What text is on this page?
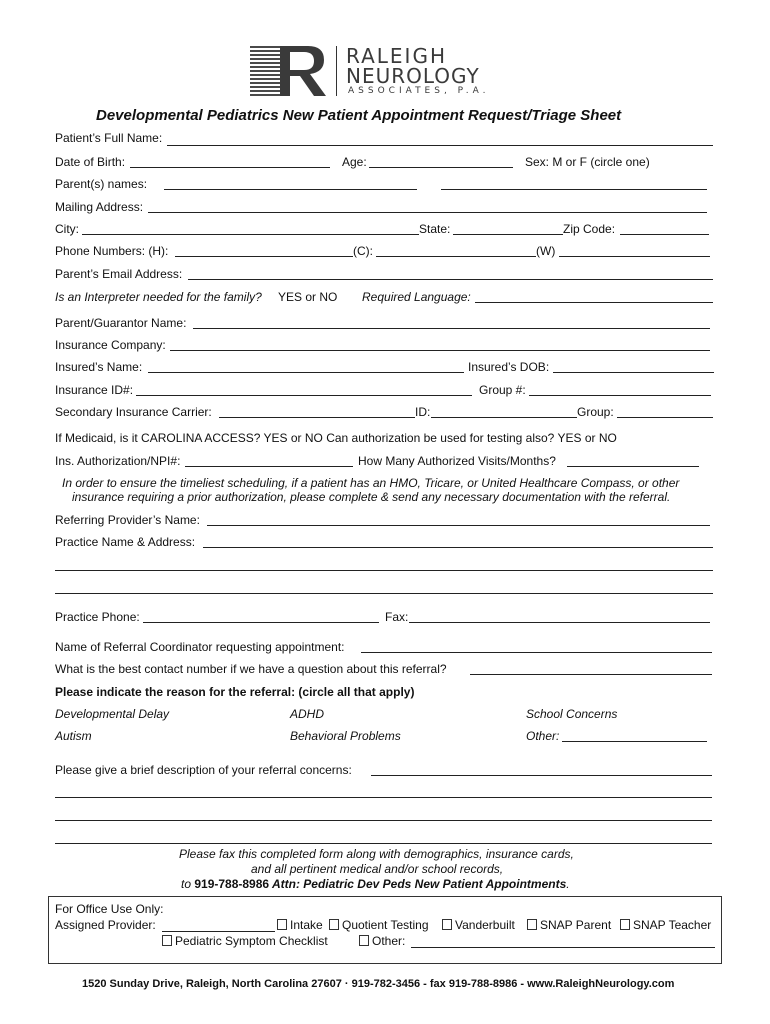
RALEIGH
NEUROLOGY
ASSOCIATES, P.A.
Developmental Pediatrics New Patient Appointment Request/Triage Sheet
Patient’s Full Name:
Date of Birth:	Age:	Sex: M or F (circle one)
Parent(s) names:
Mailing Address:
City:	State:	Zip Code:
Phone Numbers: (H):	(C):	(W)
Parent’s Email Address:
Is an Interpreter needed for the family? YES or NO Required Language:
Parent/Guarantor Name:
Insurance Company:
Insured’s Name:	Insured’s DOB:
Insurance ID#:	Group #:
Secondary Insurance Carrier:	ID:	Group:
If Medicaid, is it CAROLINA ACCESS? YES or NO Can authorization be used for testing also? YES or NO
Ins. Authorization/NPI#:	How Many Authorized Visits/Months?
In order to ensure the timeliest scheduling, if a patient has an HMO, Tricare, or United Healthcare Compass, or other
insurance requiring a prior authorization, please complete & send any necessary documentation with the referral.
Referring Provider’s Name:
Practice Name & Address:
Practice Phone:	Fax:
Name of Referral Coordinator requesting appointment:
What is the best contact number if we have a question about this referral?
Please indicate the reason for the referral: (circle all that apply)
Developmental Delay	ADHD	School Concerns
Autism	Behavioral Problems	Other:
Please give a brief description of your referral concerns:
Please fax this completed form along with demographics, insurance cards,
and all pertinent medical and/or school records,
to 919-788-8986 Attn: Pediatric Dev Peds New Patient Appointments.
For Office Use Only:
Assigned Provider:	Intake	Quotient Testing	Vanderbuilt	SNAP Parent	SNAP Teacher
Pediatric Symptom Checklist	Other:
1520 Sunday Drive, Raleigh, North Carolina 27607 · 919-782-3456 - fax 919-788-8986 - www.RaleighNeurology.com
